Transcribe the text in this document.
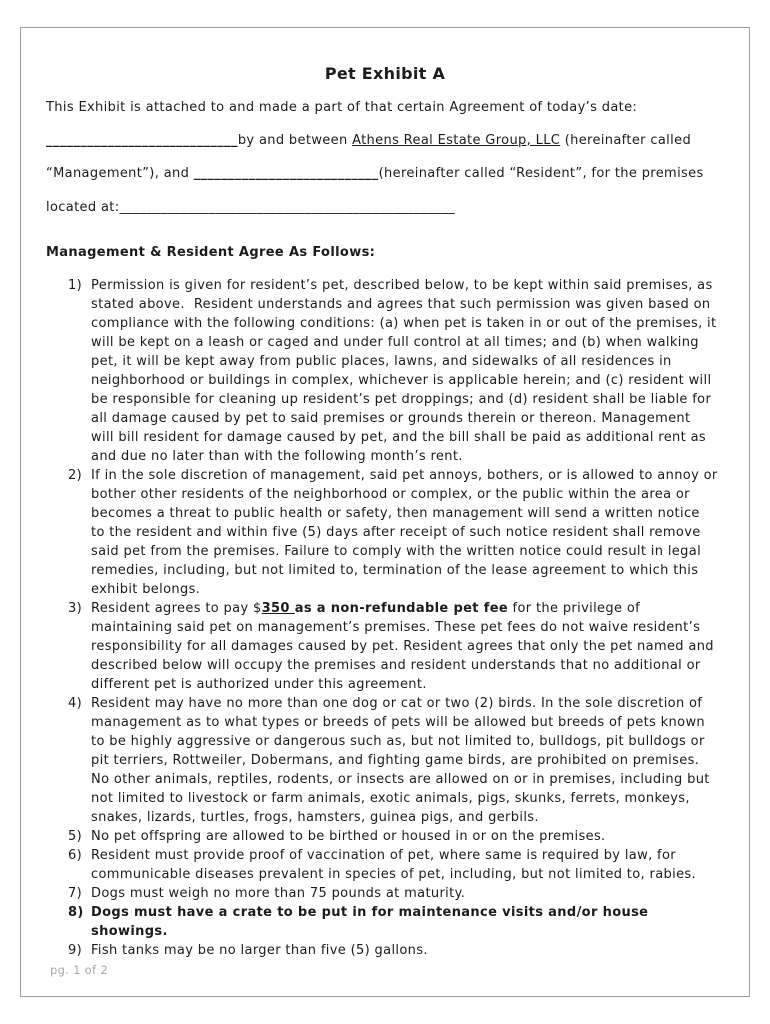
Pet Exhibit A
This Exhibit is attached to and made a part of that certain Agreement of today’s date:
____________________________by and between Athens Real Estate Group, LLC (hereinafter called
“Management”), and ___________________________(hereinafter called “Resident”, for the premises
located at:_________________________________________________
Management & Resident Agree As Follows:
1) Permission is given for resident’s pet, described below, to be kept within said premises, as
stated above.  Resident understands and agrees that such permission was given based on
compliance with the following conditions: (a) when pet is taken in or out of the premises, it
will be kept on a leash or caged and under full control at all times; and (b) when walking
pet, it will be kept away from public places, lawns, and sidewalks of all residences in
neighborhood or buildings in complex, whichever is applicable herein; and (c) resident will
be responsible for cleaning up resident’s pet droppings; and (d) resident shall be liable for
all damage caused by pet to said premises or grounds therein or thereon. Management
will bill resident for damage caused by pet, and the bill shall be paid as additional rent as
and due no later than with the following month’s rent.
2) If in the sole discretion of management, said pet annoys, bothers, or is allowed to annoy or
bother other residents of the neighborhood or complex, or the public within the area or
becomes a threat to public health or safety, then management will send a written notice
to the resident and within five (5) days after receipt of such notice resident shall remove
said pet from the premises. Failure to comply with the written notice could result in legal
remedies, including, but not limited to, termination of the lease agreement to which this
exhibit belongs.
3) Resident agrees to pay $350 as a non-refundable pet fee for the privilege of
maintaining said pet on management’s premises. These pet fees do not waive resident’s
responsibility for all damages caused by pet. Resident agrees that only the pet named and
described below will occupy the premises and resident understands that no additional or
different pet is authorized under this agreement.
4) Resident may have no more than one dog or cat or two (2) birds. In the sole discretion of
management as to what types or breeds of pets will be allowed but breeds of pets known
to be highly aggressive or dangerous such as, but not limited to, bulldogs, pit bulldogs or
pit terriers, Rottweiler, Dobermans, and fighting game birds, are prohibited on premises.
No other animals, reptiles, rodents, or insects are allowed on or in premises, including but
not limited to livestock or farm animals, exotic animals, pigs, skunks, ferrets, monkeys,
snakes, lizards, turtles, frogs, hamsters, guinea pigs, and gerbils.
5) No pet offspring are allowed to be birthed or housed in or on the premises.
6) Resident must provide proof of vaccination of pet, where same is required by law, for
communicable diseases prevalent in species of pet, including, but not limited to, rabies.
7) Dogs must weigh no more than 75 pounds at maturity.
8) Dogs must have a crate to be put in for maintenance visits and/or house
showings.
9) Fish tanks may be no larger than five (5) gallons.
pg. 1 of 2
